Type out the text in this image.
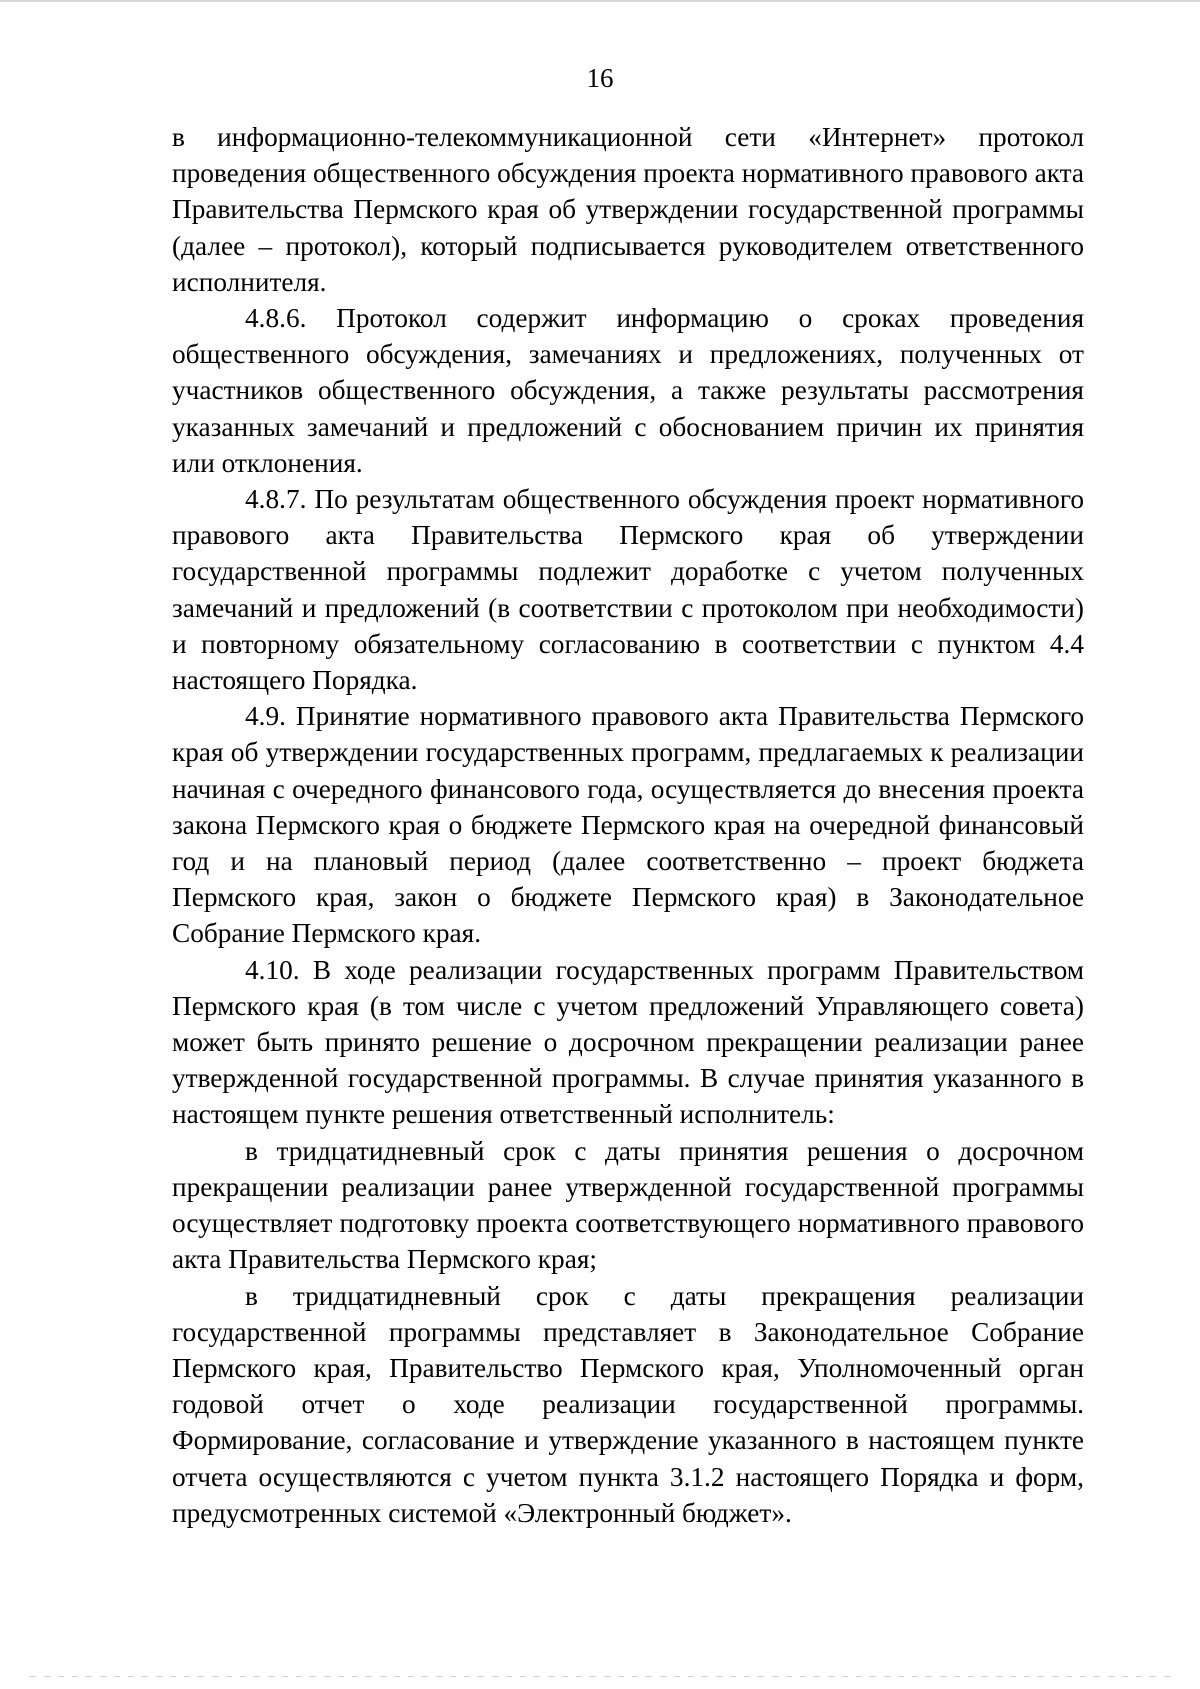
16

в информационно-телекоммуникационной сети «Интернет» протокол проведения общественного обсуждения проекта нормативного правового акта Правительства Пермского края об утверждении государственной программы (далее – протокол), который подписывается руководителем ответственного исполнителя.

4.8.6. Протокол содержит информацию о сроках проведения общественного обсуждения, замечаниях и предложениях, полученных от участников общественного обсуждения, а также результаты рассмотрения указанных замечаний и предложений с обоснованием причин их принятия или отклонения.

4.8.7. По результатам общественного обсуждения проект нормативного правового акта Правительства Пермского края об утверждении государственной программы подлежит доработке с учетом полученных замечаний и предложений (в соответствии с протоколом при необходимости) и повторному обязательному согласованию в соответствии с пунктом 4.4 настоящего Порядка.

4.9. Принятие нормативного правового акта Правительства Пермского края об утверждении государственных программ, предлагаемых к реализации начиная с очередного финансового года, осуществляется до внесения проекта закона Пермского края о бюджете Пермского края на очередной финансовый год и на плановый период (далее соответственно – проект бюджета Пермского края, закон о бюджете Пермского края) в Законодательное Собрание Пермского края.

4.10. В ходе реализации государственных программ Правительством Пермского края (в том числе с учетом предложений Управляющего совета) может быть принято решение о досрочном прекращении реализации ранее утвержденной государственной программы. В случае принятия указанного в настоящем пункте решения ответственный исполнитель:

в тридцатидневный срок с даты принятия решения о досрочном прекращении реализации ранее утвержденной государственной программы осуществляет подготовку проекта соответствующего нормативного правового акта Правительства Пермского края;

в тридцатидневный срок с даты прекращения реализации государственной программы представляет в Законодательное Собрание Пермского края, Правительство Пермского края, Уполномоченный орган годовой отчет о ходе реализации государственной программы. Формирование, согласование и утверждение указанного в настоящем пункте отчета осуществляются с учетом пункта 3.1.2 настоящего Порядка и форм, предусмотренных системой «Электронный бюджет».
